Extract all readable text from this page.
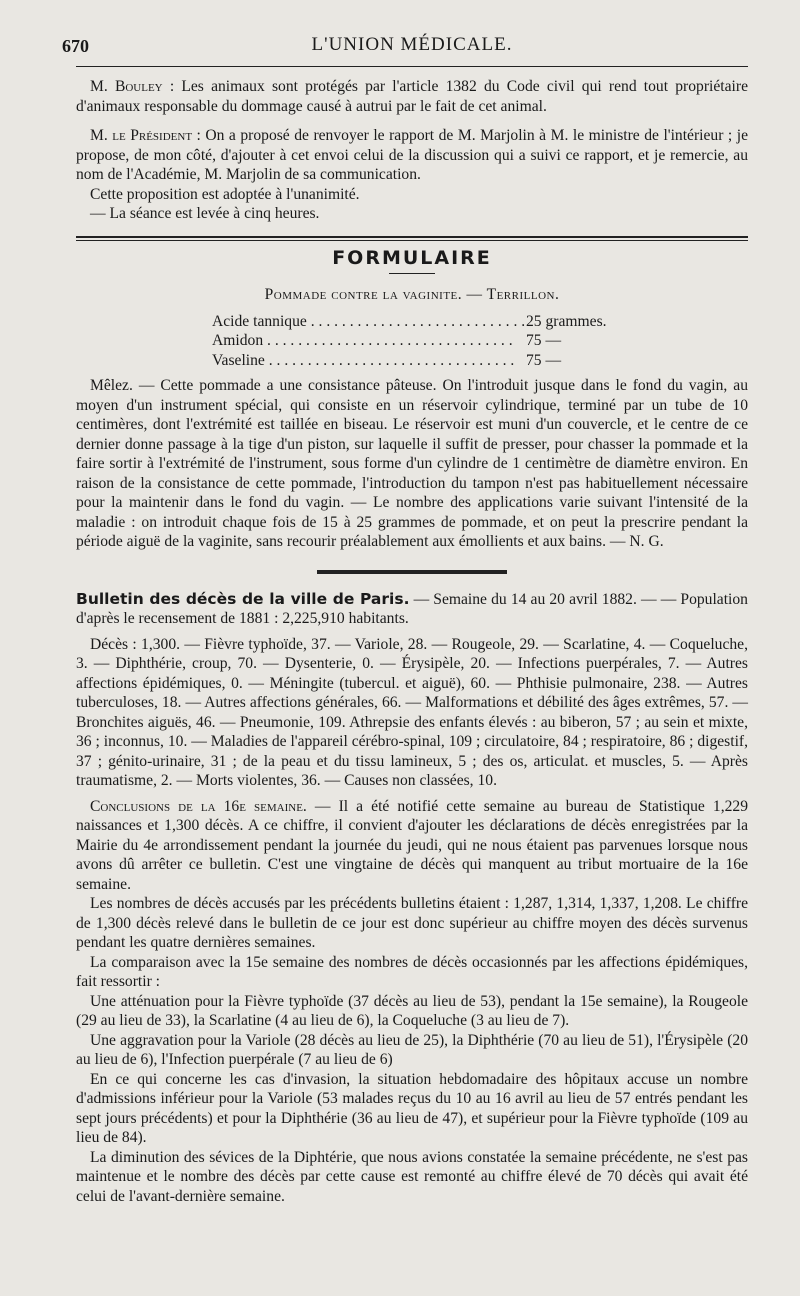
670	L'UNION MÉDICALE.

M. Bouley : Les animaux sont protégés par l'article 1382 du Code civil qui rend tout propriétaire d'animaux responsable du dommage causé à autrui par le fait de cet animal.

M. le Président : On a proposé de renvoyer le rapport de M. Marjolin à M. le ministre de l'intérieur ; je propose, de mon côté, d'ajouter à cet envoi celui de la discussion qui a suivi ce rapport, et je remercie, au nom de l'Académie, M. Marjolin de sa communication.

Cette proposition est adoptée à l'unanimité.

— La séance est levée à cinq heures.

FORMULAIRE
Pommade contre la vaginite. — Terrillon.
Acide tannique . . .	25 grammes.
Amidon . . .	75 —
Vaseline . . .	75 —

Mêlez. — Cette pommade a une consistance pâteuse. On l'introduit jusque dans le fond du vagin, au moyen d'un instrument spécial, qui consiste en un réservoir cylindrique, terminé par un tube de 10 centimères, dont l'extrémité est taillée en biseau. Le réservoir est muni d'un couvercle, et le centre de ce dernier donne passage à la tige d'un piston, sur laquelle il suffit de presser, pour chasser la pommade et la faire sortir à l'extrémité de l'instrument, sous forme d'un cylindre de 1 centimètre de diamètre environ. En raison de la consistance de cette pommade, l'introduction du tampon n'est pas habituellement nécessaire pour la maintenir dans le fond du vagin. — Le nombre des applications varie suivant l'intensité de la maladie : on introduit chaque fois de 15 à 25 grammes de pommade, et on peut la prescrire pendant la période aiguë de la vaginite, sans recourir préalablement aux émollients et aux bains. — N. G.

Bulletin des décès de la ville de Paris. — Semaine du 14 au 20 avril 1882. — — Population d'après le recensement de 1881 : 2,225,910 habitants.

Décès : 1,300. — Fièvre typhoïde, 37. — Variole, 28. — Rougeole, 29. — Scarlatine, 4. — Coqueluche, 3. — Diphthérie, croup, 70. — Dysenterie, 0. — Érysipèle, 20. — Infections puerpérales, 7. — Autres affections épidémiques, 0. — Méningite (tubercul. et aiguë), 60. — Phthisie pulmonaire, 238. — Autres tuberculoses, 18. — Autres affections générales, 66. — Malformations et débilité des âges extrêmes, 57. — Bronchites aiguës, 46. — Pneumonie, 109. Athrepsie des enfants élevés : au biberon, 57 ; au sein et mixte, 36 ; inconnus, 10. — Maladies de l'appareil cérébro-spinal, 109 ; circulatoire, 84 ; respiratoire, 86 ; digestif, 37 ; génito-urinaire, 31 ; de la peau et du tissu lamineux, 5 ; des os, articulat. et muscles, 5. — Après traumatisme, 2. — Morts violentes, 36. — Causes non classées, 10.

Conclusions de la 16e semaine. — Il a été notifié cette semaine au bureau de Statistique 1,229 naissances et 1,300 décès. A ce chiffre, il convient d'ajouter les déclarations de décès enregistrées par la Mairie du 4e arrondissement pendant la journée du jeudi, qui ne nous étaient pas parvenues lorsque nous avons dû arrêter ce bulletin. C'est une vingtaine de décès qui manquent au tribut mortuaire de la 16e semaine.

Les nombres de décès accusés par les précédents bulletins étaient : 1,287, 1,314, 1,337, 1,208. Le chiffre de 1,300 décès relevé dans le bulletin de ce jour est donc supérieur au chiffre moyen des décès survenus pendant les quatre dernières semaines.

La comparaison avec la 15e semaine des nombres de décès occasionnés par les affections épidémiques, fait ressortir :

Une atténuation pour la Fièvre typhoïde (37 décès au lieu de 53), pendant la 15e semaine), la Rougeole (29 au lieu de 33), la Scarlatine (4 au lieu de 6), la Coqueluche (3 au lieu de 7).

Une aggravation pour la Variole (28 décès au lieu de 25), la Diphthérie (70 au lieu de 51), l'Érysipèle (20 au lieu de 6), l'Infection puerpérale (7 au lieu de 6)

En ce qui concerne les cas d'invasion, la situation hebdomadaire des hôpitaux accuse un nombre d'admissions inférieur pour la Variole (53 malades reçus du 10 au 16 avril au lieu de 57 entrés pendant les sept jours précédents) et pour la Diphthérie (36 au lieu de 47), et supérieur pour la Fièvre typhoïde (109 au lieu de 84).

La diminution des sévices de la Diphtérie, que nous avions constatée la semaine précédente, ne s'est pas maintenue et le nombre des décès par cette cause est remonté au chiffre élevé de 70 décès qui avait été celui de l'avant-dernière semaine.
